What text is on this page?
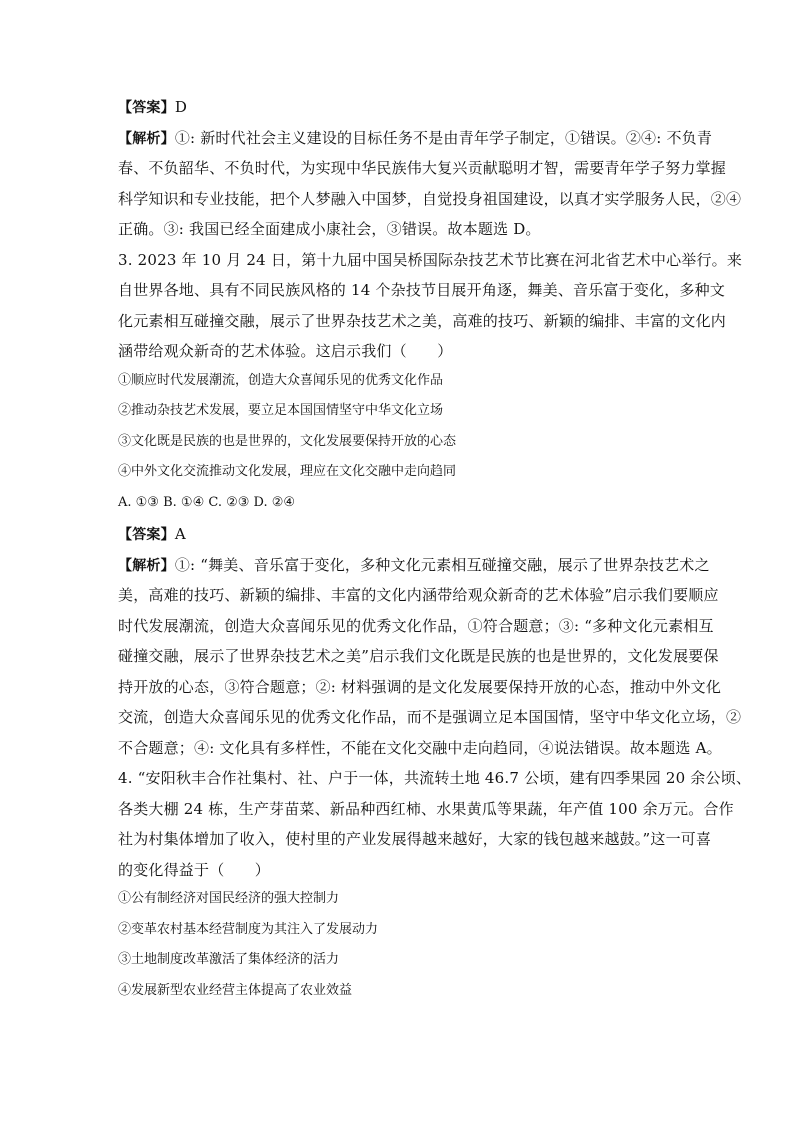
【答案】D
【解析】①: 新时代社会主义建设的目标任务不是由青年学子制定，①错误。②④: 不负青
春、不负韶华、不负时代，为实现中华民族伟大复兴贡献聪明才智，需要青年学子努力掌握
科学知识和专业技能，把个人梦融入中国梦，自觉投身祖国建设，以真才实学服务人民，②④
正确。③: 我国已经全面建成小康社会，③错误。故本题选 D。
3. 2023 年 10 月 24 日，第十九届中国吴桥国际杂技艺术节比赛在河北省艺术中心举行。来
自世界各地、具有不同民族风格的 14 个杂技节目展开角逐，舞美、音乐富于变化，多种文
化元素相互碰撞交融，展示了世界杂技艺术之美，高难的技巧、新颖的编排、丰富的文化内
涵带给观众新奇的艺术体验。这启示我们（　　）
①顺应时代发展潮流，创造大众喜闻乐见的优秀文化作品
②推动杂技艺术发展，要立足本国国情坚守中华文化立场
③文化既是民族的也是世界的，文化发展要保持开放的心态
④中外文化交流推动文化发展，理应在文化交融中走向趋同
A. ①③ B. ①④ C. ②③ D. ②④
【答案】A
【解析】①: “舞美、音乐富于变化，多种文化元素相互碰撞交融，展示了世界杂技艺术之
美，高难的技巧、新颖的编排、丰富的文化内涵带给观众新奇的艺术体验”启示我们要顺应
时代发展潮流，创造大众喜闻乐见的优秀文化作品，①符合题意；③: “多种文化元素相互
碰撞交融，展示了世界杂技艺术之美”启示我们文化既是民族的也是世界的，文化发展要保
持开放的心态，③符合题意；②: 材料强调的是文化发展要保持开放的心态，推动中外文化
交流，创造大众喜闻乐见的优秀文化作品，而不是强调立足本国国情，坚守中华文化立场，②
不合题意；④: 文化具有多样性，不能在文化交融中走向趋同，④说法错误。故本题选 A。
4. “安阳秋丰合作社集村、社、户于一体，共流转土地 46.7 公顷，建有四季果园 20 余公顷、
各类大棚 24 栋，生产芽苗菜、新品种西红柿、水果黄瓜等果蔬，年产值 100 余万元。合作
社为村集体增加了收入，使村里的产业发展得越来越好，大家的钱包越来越鼓。”这一可喜
的变化得益于（　　）
①公有制经济对国民经济的强大控制力
②变革农村基本经营制度为其注入了发展动力
③土地制度改革激活了集体经济的活力
④发展新型农业经营主体提高了农业效益
